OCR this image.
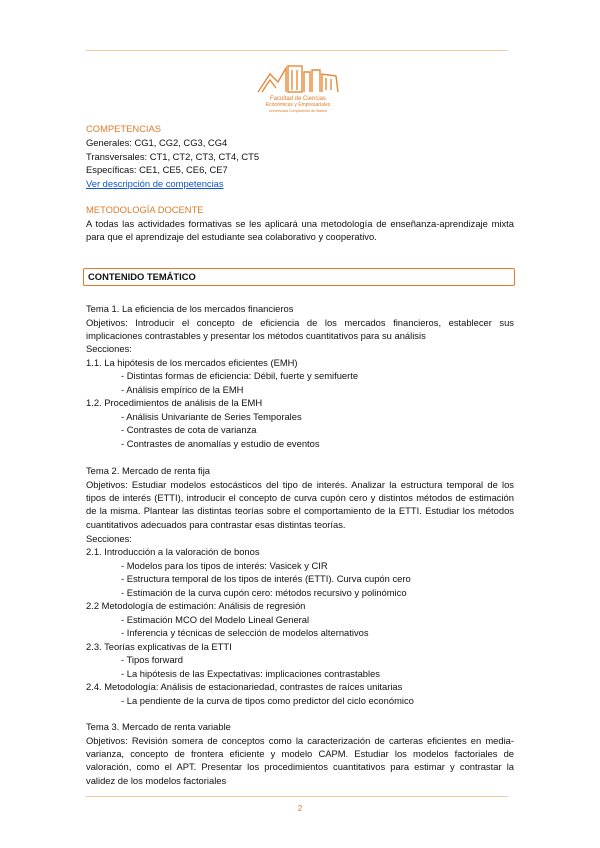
Facultad de Ciencias
Económicas y Empresariales
Universidad Complutense de Madrid
COMPETENCIAS
Generales: CG1, CG2, CG3, CG4
Transversales: CT1, CT2, CT3, CT4, CT5
Específicas: CE1, CE5, CE6, CE7
Ver descripción de competencias
METODOLOGÍA DOCENTE
A todas las actividades formativas se les aplicará una metodología de enseñanza-aprendizaje mixta para que el aprendizaje del estudiante sea colaborativo y cooperativo.
CONTENIDO TEMÁTICO
Tema 1. La eficiencia de los mercados financieros
Objetivos: Introducir el concepto de eficiencia de los mercados financieros, establecer sus implicaciones contrastables y presentar los métodos cuantitativos para su análisis
Secciones:
1.1. La hipótesis de los mercados eficientes (EMH)
- Distintas formas de eficiencia: Débil, fuerte y semifuerte
- Análisis empírico de la EMH
1.2. Procedimientos de análisis de la EMH
- Análisis Univariante de Series Temporales
- Contrastes de cota de varianza
- Contrastes de anomalías y estudio de eventos
Tema 2. Mercado de renta fija
Objetivos: Estudiar modelos estocásticos del tipo de interés. Analizar la estructura temporal de los tipos de interés (ETTI), introducir el concepto de curva cupón cero y distintos métodos de estimación de la misma. Plantear las distintas teorías sobre el comportamiento de la ETTI. Estudiar los métodos cuantitativos adecuados para contrastar esas distintas teorías.
Secciones:
2.1. Introducción a la valoración de bonos
- Modelos para los tipos de interés: Vasicek y CIR
- Estructura temporal de los tipos de interés (ETTI). Curva cupón cero
- Estimación de la curva cupón cero: métodos recursivo y polinómico
2.2 Metodología de estimación: Análisis de regresión
- Estimación MCO del Modelo Lineal General
- Inferencia y técnicas de selección de modelos alternativos
2.3. Teorías explicativas de la ETTI
- Tipos forward
- La hipótesis de las Expectativas: implicaciones contrastables
2.4. Metodología: Análisis de estacionariedad, contrastes de raíces unitarias
- La pendiente de la curva de tipos como predictor del ciclo económico
Tema 3. Mercado de renta variable
Objetivos: Revisión somera de conceptos como la caracterización de carteras eficientes en media-varianza, concepto de frontera eficiente y modelo CAPM. Estudiar los modelos factoriales de valoración, como el APT. Presentar los procedimientos cuantitativos para estimar y contrastar la validez de los modelos factoriales
2
